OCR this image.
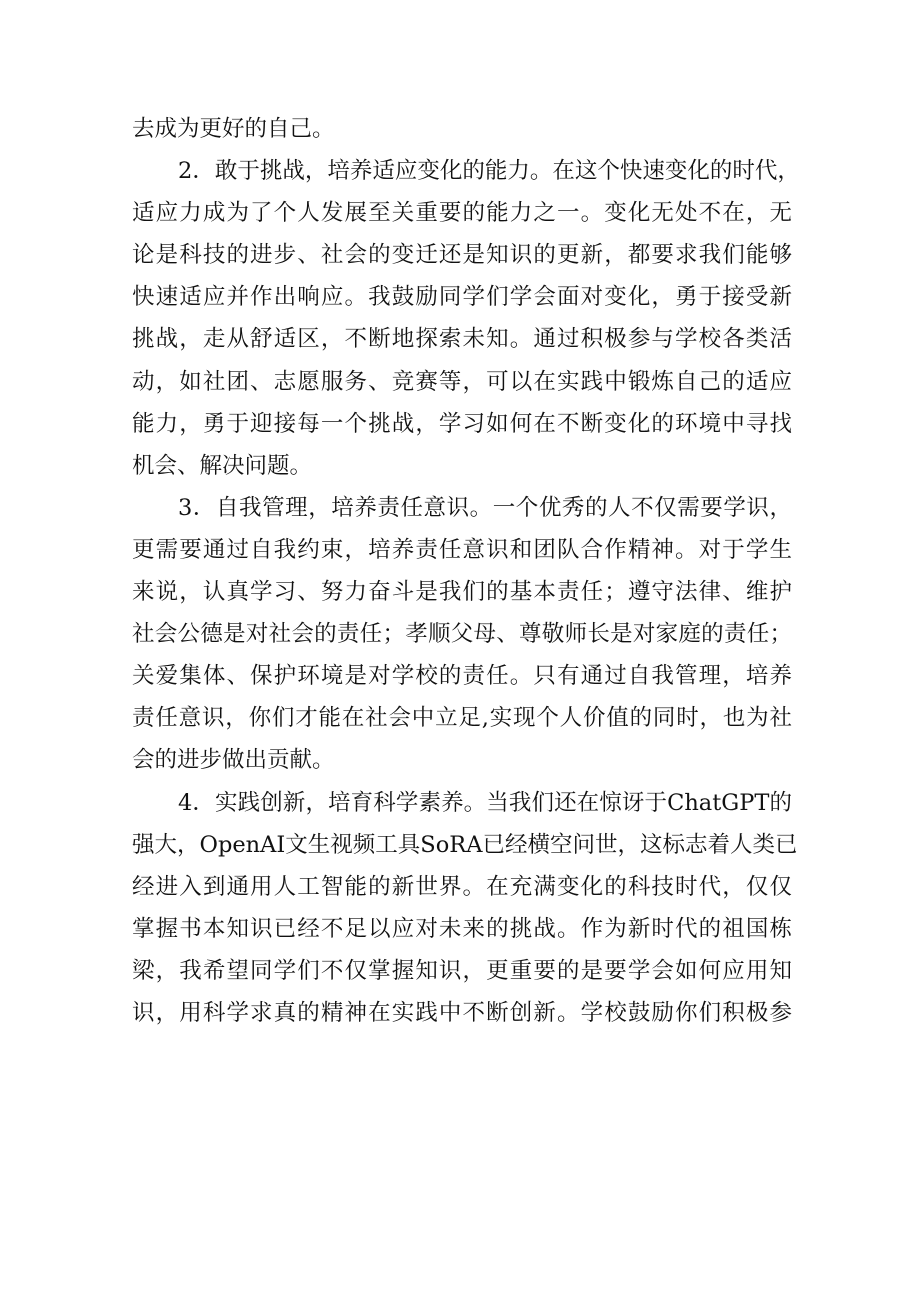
去成为更好的自己。
2．敢于挑战，培养适应变化的能力。在这个快速变化的时代，
适应力成为了个人发展至关重要的能力之一。变化无处不在，无
论是科技的进步、社会的变迁还是知识的更新，都要求我们能够
快速适应并作出响应。我鼓励同学们学会面对变化，勇于接受新
挑战，走从舒适区，不断地探索未知。通过积极参与学校各类活
动，如社团、志愿服务、竞赛等，可以在实践中锻炼自己的适应
能力，勇于迎接每一个挑战，学习如何在不断变化的环境中寻找
机会、解决问题。
3．自我管理，培养责任意识。一个优秀的人不仅需要学识，
更需要通过自我约束，培养责任意识和团队合作精神。对于学生
来说，认真学习、努力奋斗是我们的基本责任；遵守法律、维护
社会公德是对社会的责任；孝顺父母、尊敬师长是对家庭的责任；
关爱集体、保护环境是对学校的责任。只有通过自我管理，培养
责任意识，你们才能在社会中立足,实现个人价值的同时，也为社
会的进步做出贡献。
4．实践创新，培育科学素养。当我们还在惊讶于ChatGPT的
强大，OpenAI文生视频工具SoRA已经横空问世，这标志着人类已
经进入到通用人工智能的新世界。在充满变化的科技时代，仅仅
掌握书本知识已经不足以应对未来的挑战。作为新时代的祖国栋
梁，我希望同学们不仅掌握知识，更重要的是要学会如何应用知
识，用科学求真的精神在实践中不断创新。学校鼓励你们积极参
